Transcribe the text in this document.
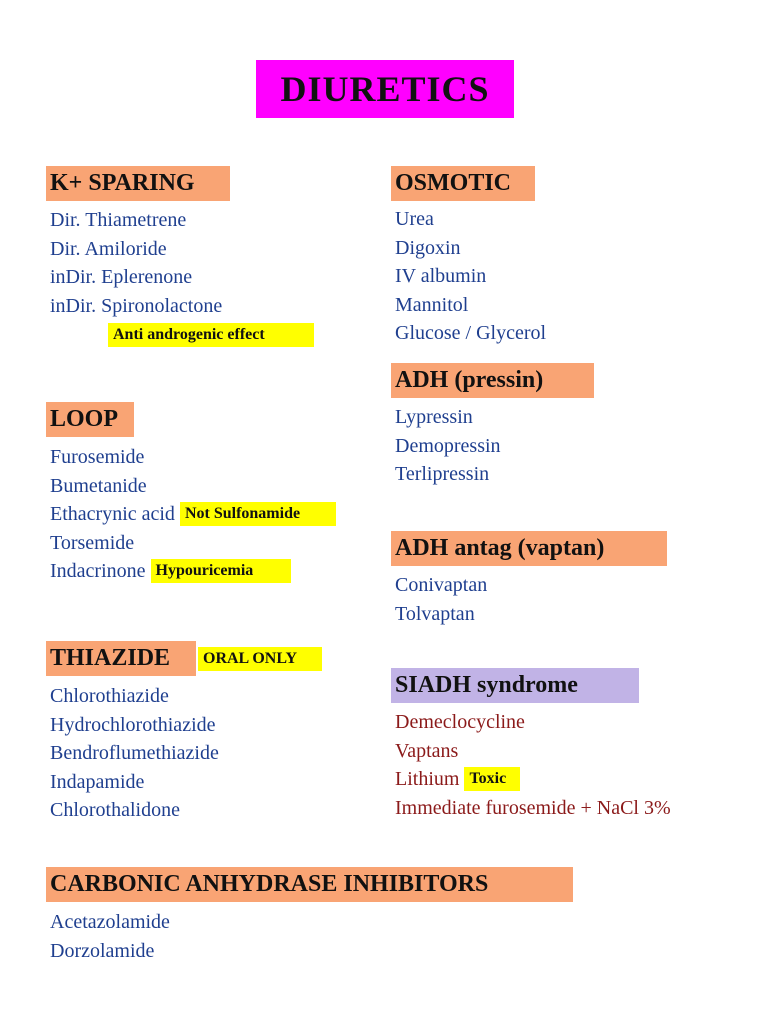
DIURETICS
K+ SPARING
Dir. Thiametrene
Dir. Amiloride
inDir. Eplerenone
inDir. Spironolactone
Anti androgenic effect
LOOP
Furosemide
Bumetanide
Ethacrynic acid Not Sulfonamide
Torsemide
Indacrinone Hypouricemia
THIAZIDE	ORAL ONLY
Chlorothiazide
Hydrochlorothiazide
Bendroflumethiazide
Indapamide
Chlorothalidone
CARBONIC ANHYDRASE INHIBITORS
Acetazolamide
Dorzolamide
OSMOTIC
Urea
Digoxin
IV albumin
Mannitol
Glucose / Glycerol
ADH (pressin)
Lypressin
Demopressin
Terlipressin
ADH antag (vaptan)
Conivaptan
Tolvaptan
SIADH syndrome
Demeclocycline
Vaptans
Lithium Toxic
Immediate furosemide + NaCl 3%
